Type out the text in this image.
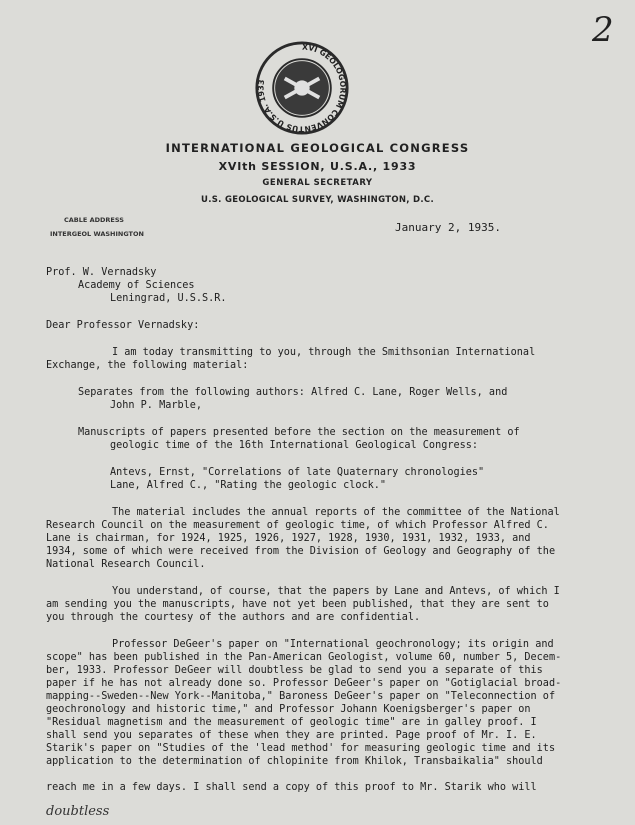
XVI GEOLOGORUM CONVENTUS U.S.A. 1933
2
INTERNATIONAL GEOLOGICAL CONGRESS
XVIth SESSION, U.S.A., 1933
GENERAL SECRETARY
U.S. GEOLOGICAL SURVEY, WASHINGTON, D.C.
CABLE ADDRESS
INTERGEOL WASHINGTON	January 2, 1935.
Prof. W. Vernadsky
Academy of Sciences
Leningrad, U.S.S.R.
Dear Professor Vernadsky:
I am today transmitting to you, through the Smithsonian International
Exchange, the following material:
Separates from the following authors: Alfred C. Lane, Roger Wells, and
John P. Marble,
Manuscripts of papers presented before the section on the measurement of
geologic time of the 16th International Geological Congress:
Antevs, Ernst, "Correlations of late Quaternary chronologies"
Lane, Alfred C., "Rating the geologic clock."
The material includes the annual reports of the committee of the National
Research Council on the measurement of geologic time, of which Professor Alfred C.
Lane is chairman, for 1924, 1925, 1926, 1927, 1928, 1930, 1931, 1932, 1933, and
1934, some of which were received from the Division of Geology and Geography of the
National Research Council.
You understand, of course, that the papers by Lane and Antevs, of which I
am sending you the manuscripts, have not yet been published, that they are sent to
you through the courtesy of the authors and are confidential.
Professor DeGeer's paper on "International geochronology; its origin and
scope" has been published in the Pan-American Geologist, volume 60, number 5, Decem-
ber, 1933. Professor DeGeer will doubtless be glad to send you a separate of this
paper if he has not already done so. Professor DeGeer's paper on "Gotiglacial broad-
mapping--Sweden--New York--Manitoba," Baroness DeGeer's paper on "Teleconnection of
geochronology and historic time," and Professor Johann Koenigsberger's paper on
"Residual magnetism and the measurement of geologic time" are in galley proof. I
shall send you separates of these when they are printed. Page proof of Mr. I. E.
Starik's paper on "Studies of the 'lead method' for measuring geologic time and its
application to the determination of chlopinite from Khilok, Transbaikalia" should
reach me in a few days. I shall send a copy of this proof to Mr. Starik who will
doubtless
